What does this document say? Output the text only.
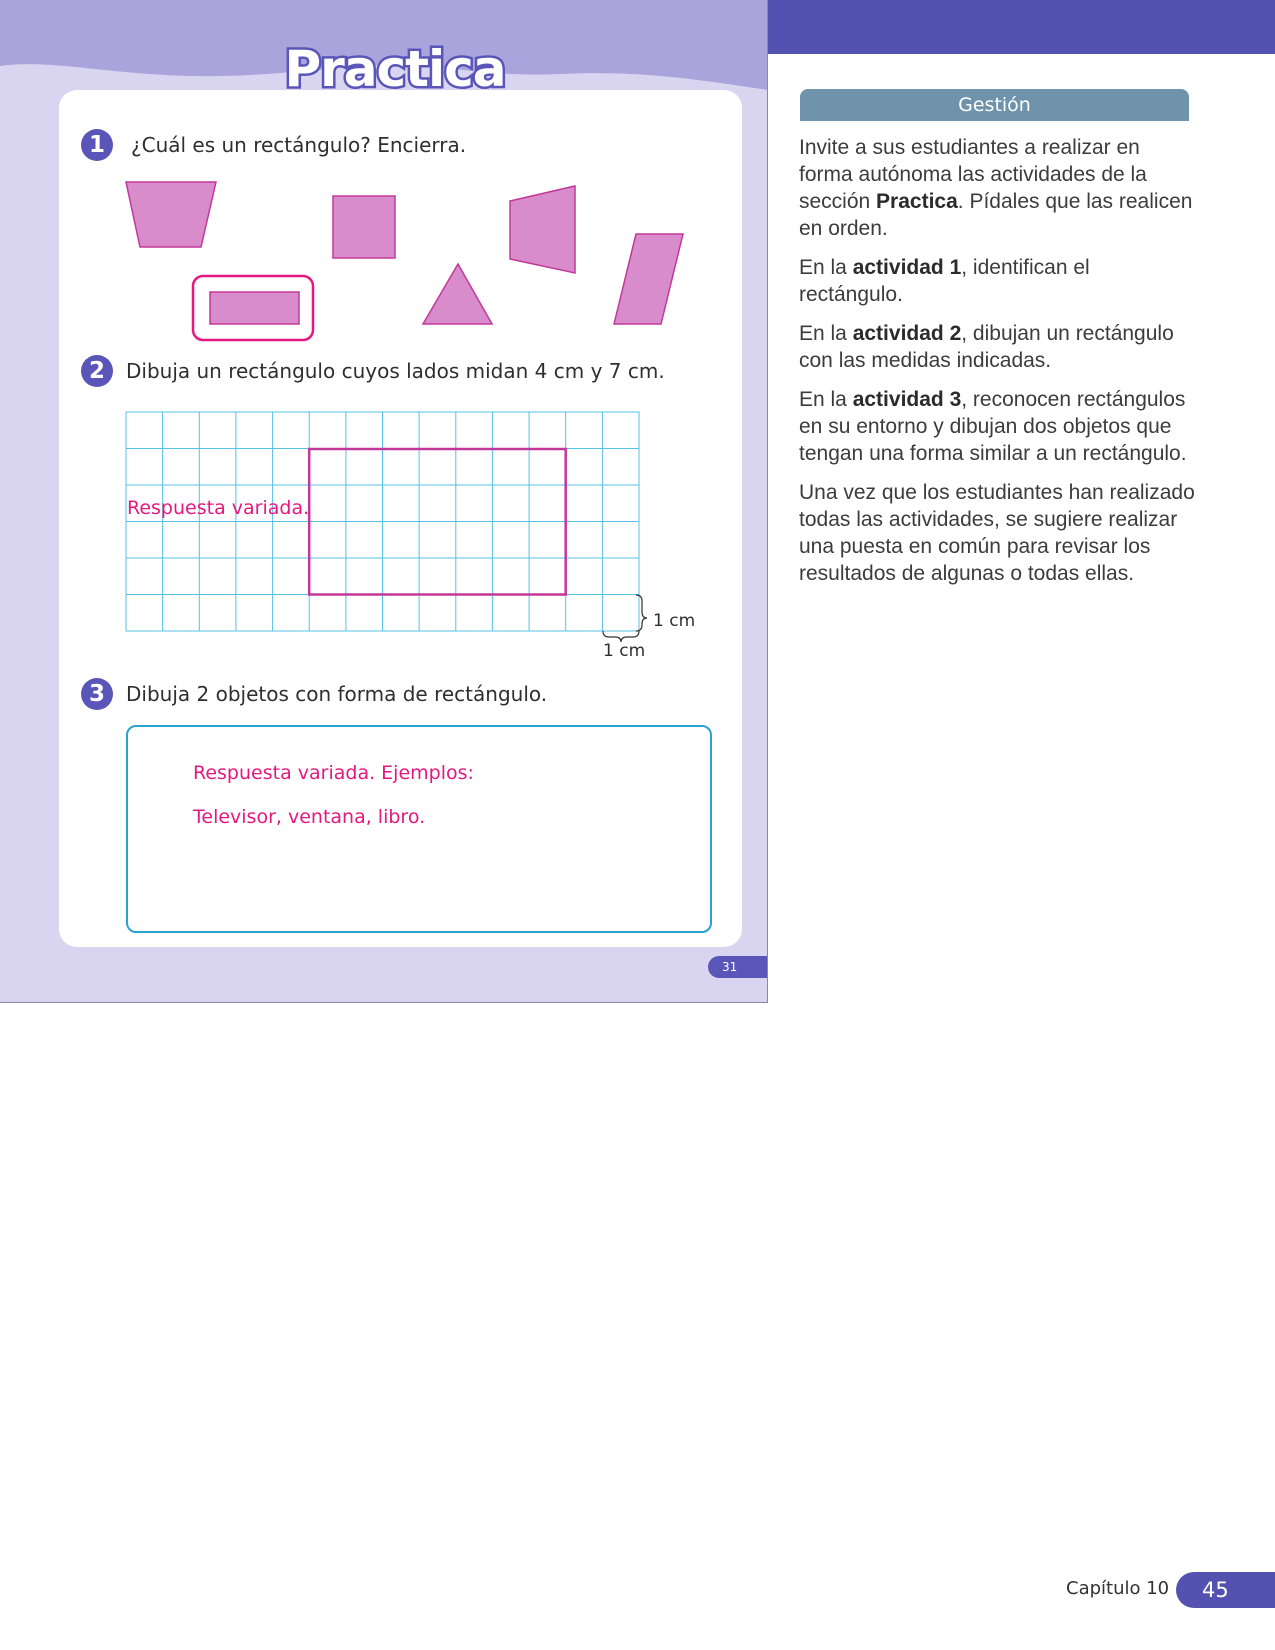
Practica
1	¿Cuál es un rectángulo? Encierra.
2	Dibuja un rectángulo cuyos lados midan 4 cm y 7 cm.
Respuesta variada.
1 cm
1 cm
3	Dibuja 2 objetos con forma de rectángulo.
Respuesta variada. Ejemplos:
Televisor, ventana, libro.
31
Gestión

Invite a sus estudiantes a realizar en forma autónoma las actividades de la sección Practica. Pídales que las realicen en orden.

En la actividad 1, identifican el rectángulo.

En la actividad 2, dibujan un rectángulo con las medidas indicadas.

En la actividad 3, reconocen rectángulos en su entorno y dibujan dos objetos que tengan una forma similar a un rectángulo.

Una vez que los estudiantes han realizado todas las actividades, se sugiere realizar una puesta en común para revisar los resultados de algunas o todas ellas.

Capítulo 10	45
